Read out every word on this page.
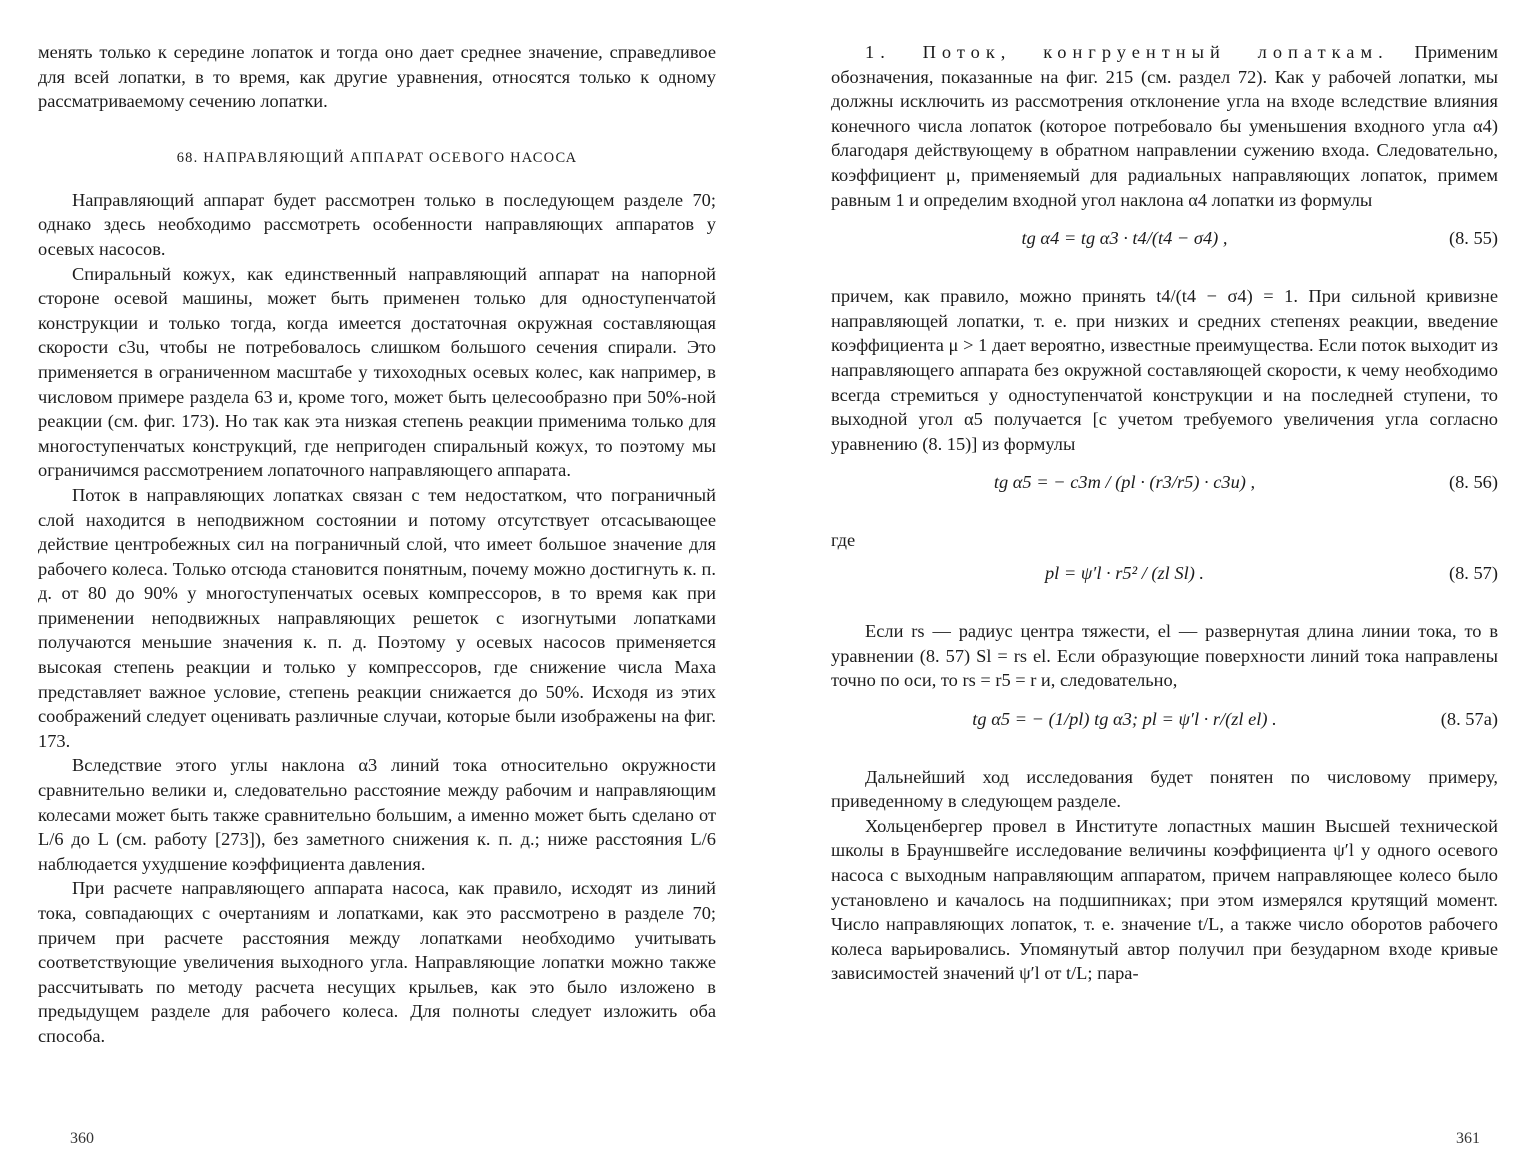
менять только к середине лопаток и тогда оно дает среднее значение, справедливое для всей лопатки, в то время, как другие уравнения, относятся только к одному рассматриваемому сечению лопатки.

68. НАПРАВЛЯЮЩИЙ АППАРАТ ОСЕВОГО НАСОСА

Направляющий аппарат будет рассмотрен только в последующем разделе 70; однако здесь необходимо рассмотреть особенности направляющих аппаратов у осевых насосов.

Спиральный кожух, как единственный направляющий аппарат на напорной стороне осевой машины, может быть применен только для одноступенчатой конструкции и только тогда, когда имеется достаточная окружная составляющая скорости c3u, чтобы не потребовалось слишком большого сечения спирали. Это применяется в ограниченном масштабе у тихоходных осевых колес, как например, в числовом примере раздела 63 и, кроме того, может быть целесообразно при 50%-ной реакции (см. фиг. 173). Но так как эта низкая степень реакции применима только для многоступенчатых конструкций, где непригоден спиральный кожух, то поэтому мы ограничимся рассмотрением лопаточного направляющего аппарата.

Поток в направляющих лопатках связан с тем недостатком, что пограничный слой находится в неподвижном состоянии и потому отсутствует отсасывающее действие центробежных сил на пограничный слой, что имеет большое значение для рабочего колеса. Только отсюда становится понятным, почему можно достигнуть к. п. д. от 80 до 90% у многоступенчатых осевых компрессоров, в то время как при применении неподвижных направляющих решеток с изогнутыми лопатками получаются меньшие значения к. п. д. Поэтому у осевых насосов применяется высокая степень реакции и только у компрессоров, где снижение числа Маха представляет важное условие, степень реакции снижается до 50%. Исходя из этих соображений следует оценивать различные случаи, которые были изображены на фиг. 173.

Вследствие этого углы наклона α3 линий тока относительно окружности сравнительно велики и, следовательно расстояние между рабочим и направляющим колесами может быть также сравнительно большим, а именно может быть сделано от L/6 до L (см. работу [273]), без заметного снижения к. п. д.; ниже расстояния L/6 наблюдается ухудшение коэффициента давления.

При расчете направляющего аппарата насоса, как правило, исходят из линий тока, совпадающих с очертаниям и лопатками, как это рассмотрено в разделе 70; причем при расчете расстояния между лопатками необходимо учитывать соответствующие увеличения выходного угла. Направляющие лопатки можно также рассчитывать по методу расчета несущих крыльев, как это было изложено в предыдущем разделе для рабочего колеса. Для полноты следует изложить оба способа.

360

1. Поток, конгруентный лопаткам. Применим обозначения, показанные на фиг. 215 (см. раздел 72). Как у рабочей лопатки, мы должны исключить из рассмотрения отклонение угла на входе вследствие влияния конечного числа лопаток (которое потребовало бы уменьшения входного угла α4) благодаря действующему в обратном направлении сужению входа. Следовательно, коэффициент μ, применяемый для радиальных направляющих лопаток, примем равным 1 и определим входной угол наклона α4 лопатки из формулы

tg α4 = tg α3 · t4/(t4 − σ4) ,	(8. 55)

причем, как правило, можно принять t4/(t4 − σ4) = 1. При сильной кривизне направляющей лопатки, т. е. при низких и средних степенях реакции, введение коэффициента μ > 1 дает вероятно, известные преимущества. Если поток выходит из направляющего аппарата без окружной составляющей скорости, к чему необходимо всегда стремиться у одноступенчатой конструкции и на последней ступени, то выходной угол α5 получается [с учетом требуемого увеличения угла согласно уравнению (8. 15)] из формулы

tg α5 = − c3m / (pl · (r3/r5) · c3u) ,	(8. 56)

где

pl = ψ′l · r5² / (zl Sl) .	(8. 57)

Если rs — радиус центра тяжести, el — развернутая длина линии тока, то в уравнении (8. 57) Sl = rs el. Если образующие поверхности линий тока направлены точно по оси, то rs = r5 = r и, следовательно,

tg α5 = − (1/pl) tg α3; pl = ψ′l · r/(zl el) .	(8. 57а)

Дальнейший ход исследования будет понятен по числовому примеру, приведенному в следующем разделе.

Хольценбергер провел в Институте лопастных машин Высшей технической школы в Брауншвейге исследование величины коэффициента ψ′l у одного осевого насоса с выходным направляющим аппаратом, причем направляющее колесо было установлено и качалось на подшипниках; при этом измерялся крутящий момент. Число направляющих лопаток, т. е. значение t/L, а также число оборотов рабочего колеса варьировались. Упомянутый автор получил при безударном входе кривые зависимостей значений ψ′l от t/L; пара-

361
